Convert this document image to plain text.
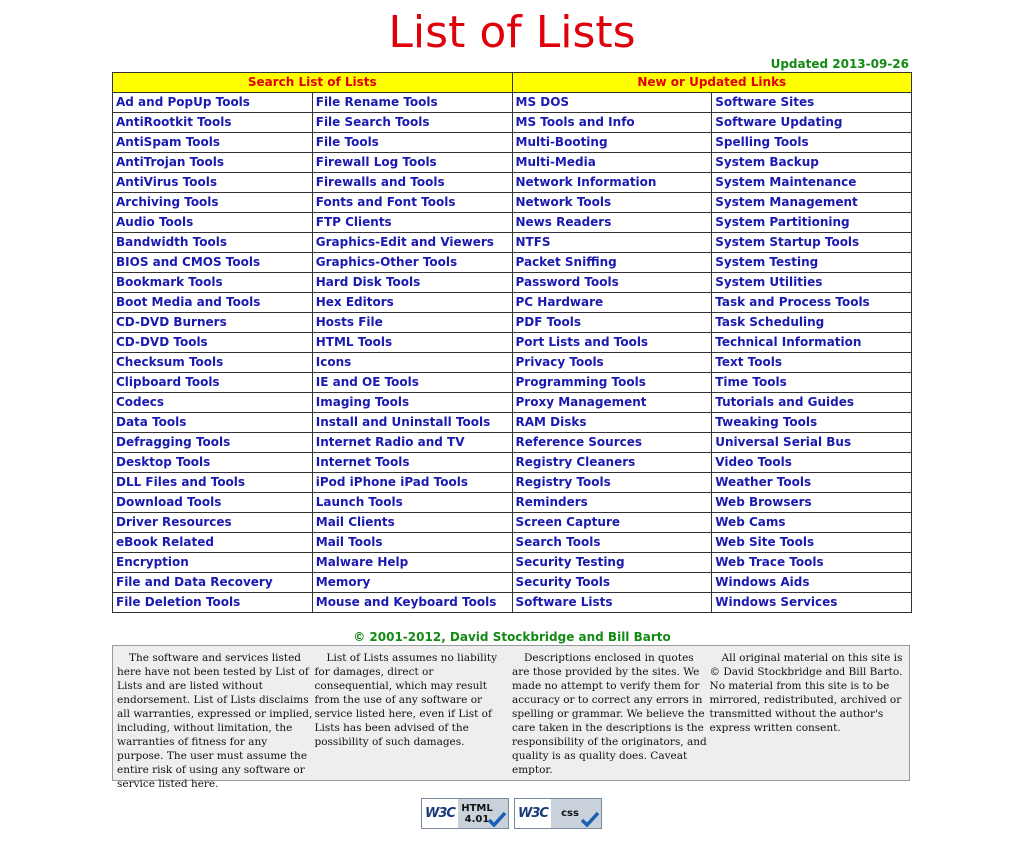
List of Lists
Updated 2013-09-26
Search List of Lists		New or Updated Links	
Ad and PopUp Tools	File Rename Tools	MS DOS	Software Sites
AntiRootkit Tools	File Search Tools	MS Tools and Info	Software Updating
AntiSpam Tools	File Tools	Multi-Booting	Spelling Tools
AntiTrojan Tools	Firewall Log Tools	Multi-Media	System Backup
AntiVirus Tools	Firewalls and Tools	Network Information	System Maintenance
Archiving Tools	Fonts and Font Tools	Network Tools	System Management
Audio Tools	FTP Clients	News Readers	System Partitioning
Bandwidth Tools	Graphics-Edit and Viewers	NTFS	System Startup Tools
BIOS and CMOS Tools	Graphics-Other Tools	Packet Sniffing	System Testing
Bookmark Tools	Hard Disk Tools	Password Tools	System Utilities
Boot Media and Tools	Hex Editors	PC Hardware	Task and Process Tools
CD-DVD Burners	Hosts File	PDF Tools	Task Scheduling
CD-DVD Tools	HTML Tools	Port Lists and Tools	Technical Information
Checksum Tools	Icons	Privacy Tools	Text Tools
Clipboard Tools	IE and OE Tools	Programming Tools	Time Tools
Codecs	Imaging Tools	Proxy Management	Tutorials and Guides
Data Tools	Install and Uninstall Tools	RAM Disks	Tweaking Tools
Defragging Tools	Internet Radio and TV	Reference Sources	Universal Serial Bus
Desktop Tools	Internet Tools	Registry Cleaners	Video Tools
DLL Files and Tools	iPod iPhone iPad Tools	Registry Tools	Weather Tools
Download Tools	Launch Tools	Reminders	Web Browsers
Driver Resources	Mail Clients	Screen Capture	Web Cams
eBook Related	Mail Tools	Search Tools	Web Site Tools
Encryption	Malware Help	Security Testing	Web Trace Tools
File and Data Recovery	Memory	Security Tools	Windows Aids
File Deletion Tools	Mouse and Keyboard Tools	Software Lists	Windows Services
© 2001-2012, David Stockbridge and Bill Barto

The software and services listed here have not been tested by List of Lists and are listed without endorsement. List of Lists disclaims all warranties, expressed or implied, including, without limitation, the warranties of fitness for any purpose. The user must assume the entire risk of using any software or service listed here.

List of Lists assumes no liability for damages, direct or consequential, which may result from the use of any software or service listed here, even if List of Lists has been advised of the possibility of such damages.

Descriptions enclosed in quotes are those provided by the sites. We made no attempt to verify them for accuracy or to correct any errors in spelling or grammar. We believe the care taken in the descriptions is the responsibility of the originators, and quality is as quality does. Caveat emptor.

All original material on this site is © David Stockbridge and Bill Barto. No material from this site is to be mirrored, redistributed, archived or transmitted without the author's express written consent.

W3C HTML
4.01 W3C	css
